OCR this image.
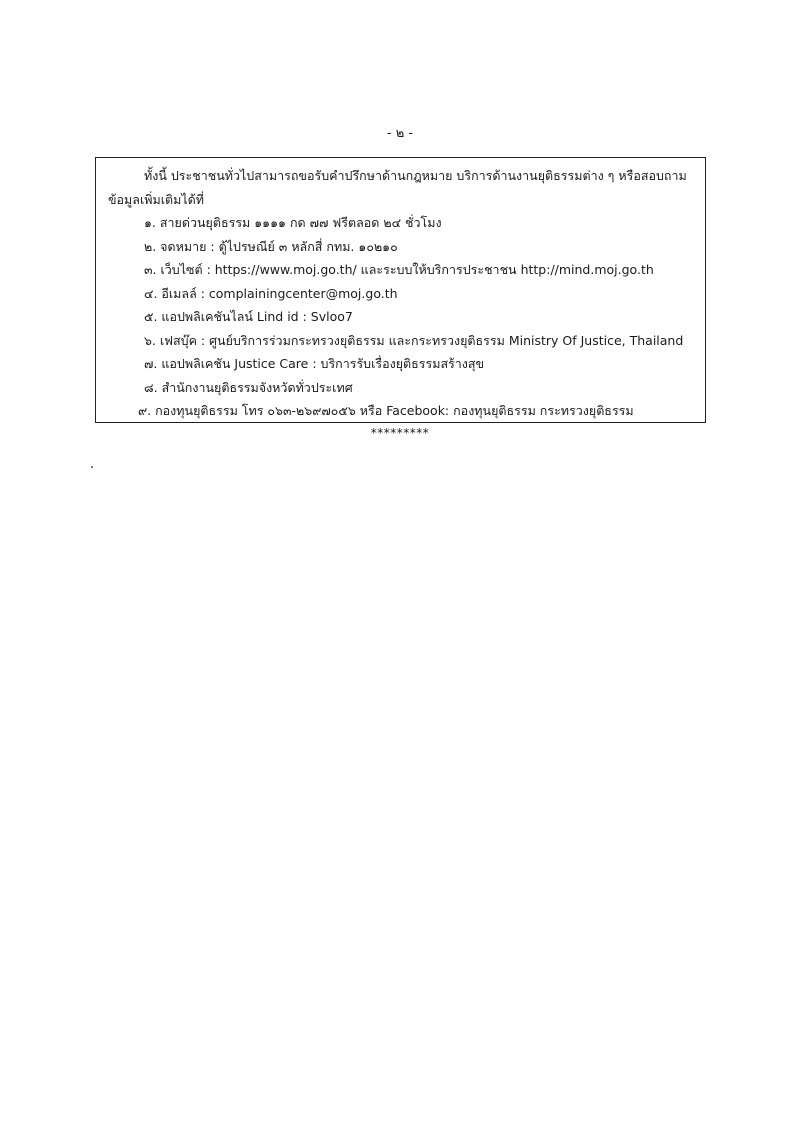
- ๒ -

ทั้งนี้ ประชาชนทั่วไปสามารถขอรับคำปรึกษาด้านกฎหมาย บริการด้านงานยุติธรรมต่าง ๆ หรือสอบถามข้อมูลเพิ่มเติมได้ที่

๑. สายด่วนยุติธรรม ๑๑๑๑ กด ๗๗ ฟรีตลอด ๒๔ ชั่วโมง
๒. จดหมาย : ตู้ไปรษณีย์ ๓ หลักสี่ กทม. ๑๐๒๑๐
๓. เว็บไซต์ : https://www.moj.go.th/ และระบบให้บริการประชาชน http://mind.moj.go.th
๔. อีเมลล์ : complainingcenter@moj.go.th
๕. แอปพลิเคชันไลน์ Lind id : Svloo7
๖. เฟสบุ๊ค : ศูนย์บริการร่วมกระทรวงยุติธรรม และกระทรวงยุติธรรม Ministry Of Justice, Thailand
๗. แอปพลิเคชัน Justice Care : บริการรับเรื่องยุติธรรมสร้างสุข
๘. สำนักงานยุติธรรมจังหวัดทั่วประเทศ
๙. กองทุนยุติธรรม โทร ๐๖๓-๒๖๙๗๐๕๖ หรือ Facebook: กองทุนยุติธรรม กระทรวงยุติธรรม
*********
